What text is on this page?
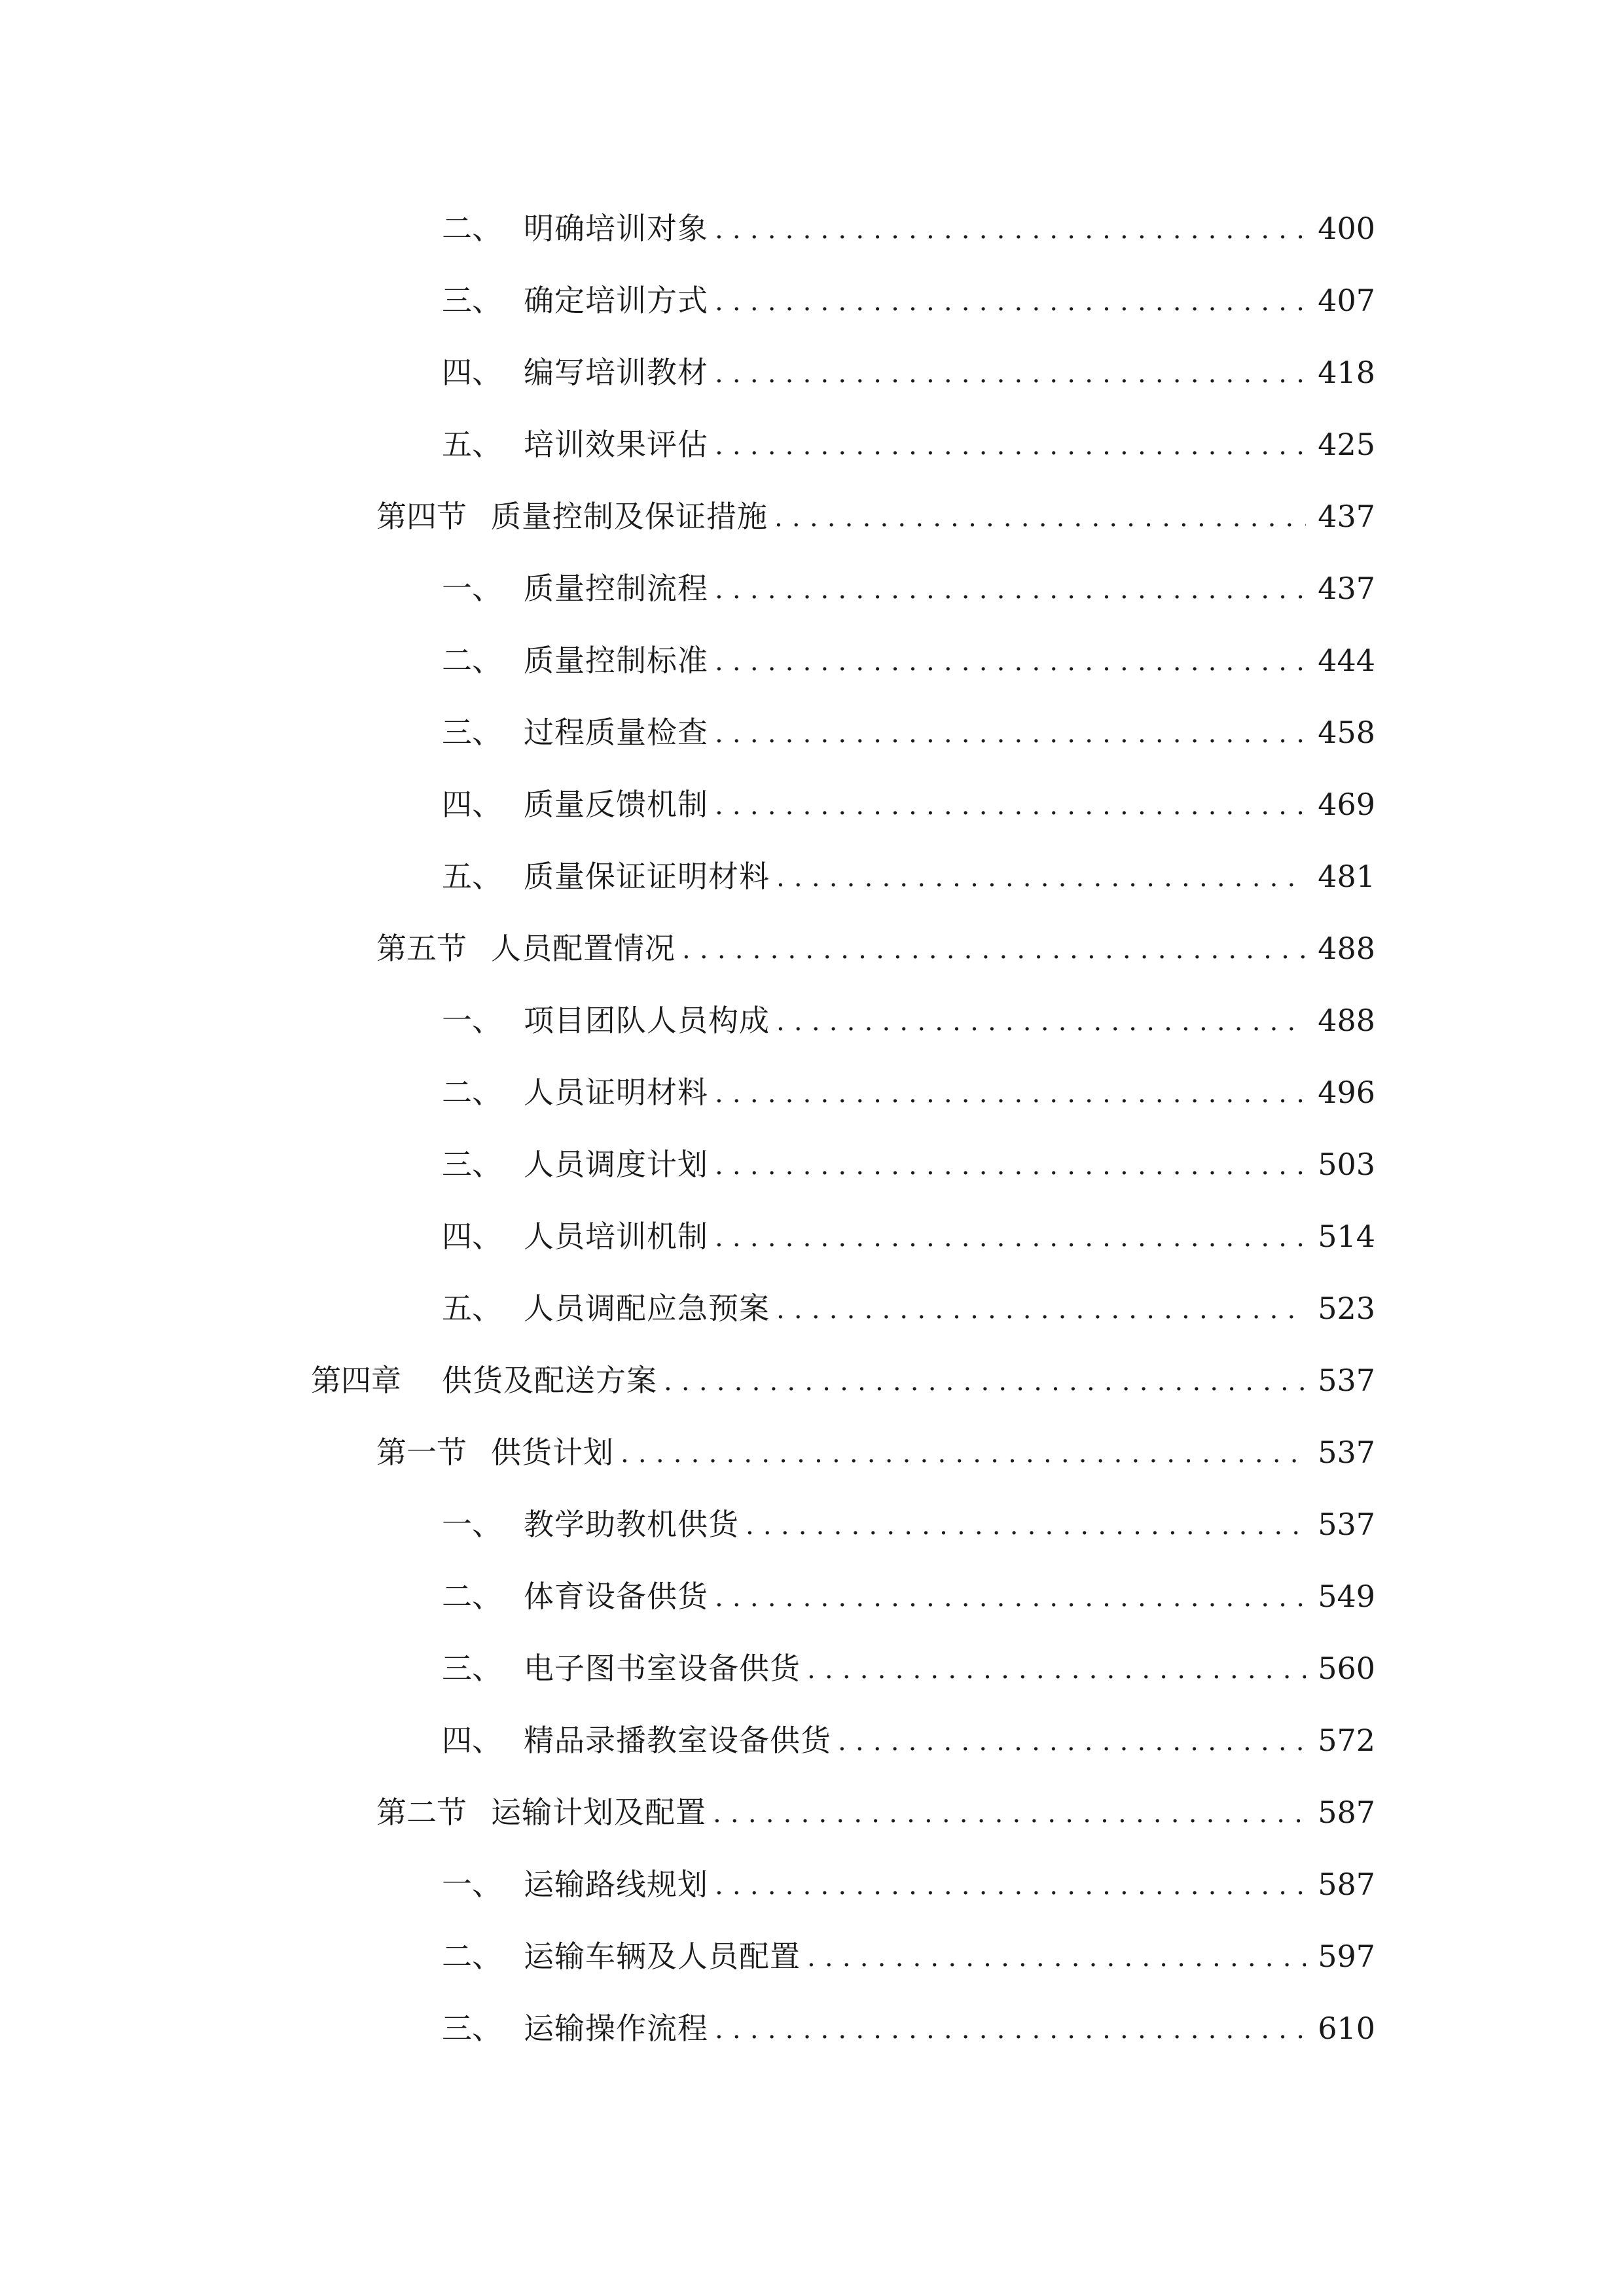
二、 明确培训对象 .....	400
三、 确定培训方式 .....	407
四、 编写培训教材 .....	418
五、 培训效果评估 .....	425
第四节 质量控制及保证措施 .....	437
一、 质量控制流程 .....	437
二、 质量控制标准 .....	444
三、 过程质量检查 .....	458
四、 质量反馈机制 .....	469
五、 质量保证证明材料 .....	481
第五节 人员配置情况 .....	488
一、 项目团队人员构成 .....	488
二、 人员证明材料 .....	496
三、 人员调度计划 .....	503
四、 人员培训机制 .....	514
五、 人员调配应急预案 .....	523
第四章	供货及配送方案 .....	537
第一节 供货计划 .....	537
一、 教学助教机供货 .....	537
二、 体育设备供货 .....	549
三、 电子图书室设备供货 .....	560
四、 精品录播教室设备供货 .....	572
第二节 运输计划及配置 .....	587
一、 运输路线规划 .....	587
二、 运输车辆及人员配置 .....	597
三、 运输操作流程 .....	610
